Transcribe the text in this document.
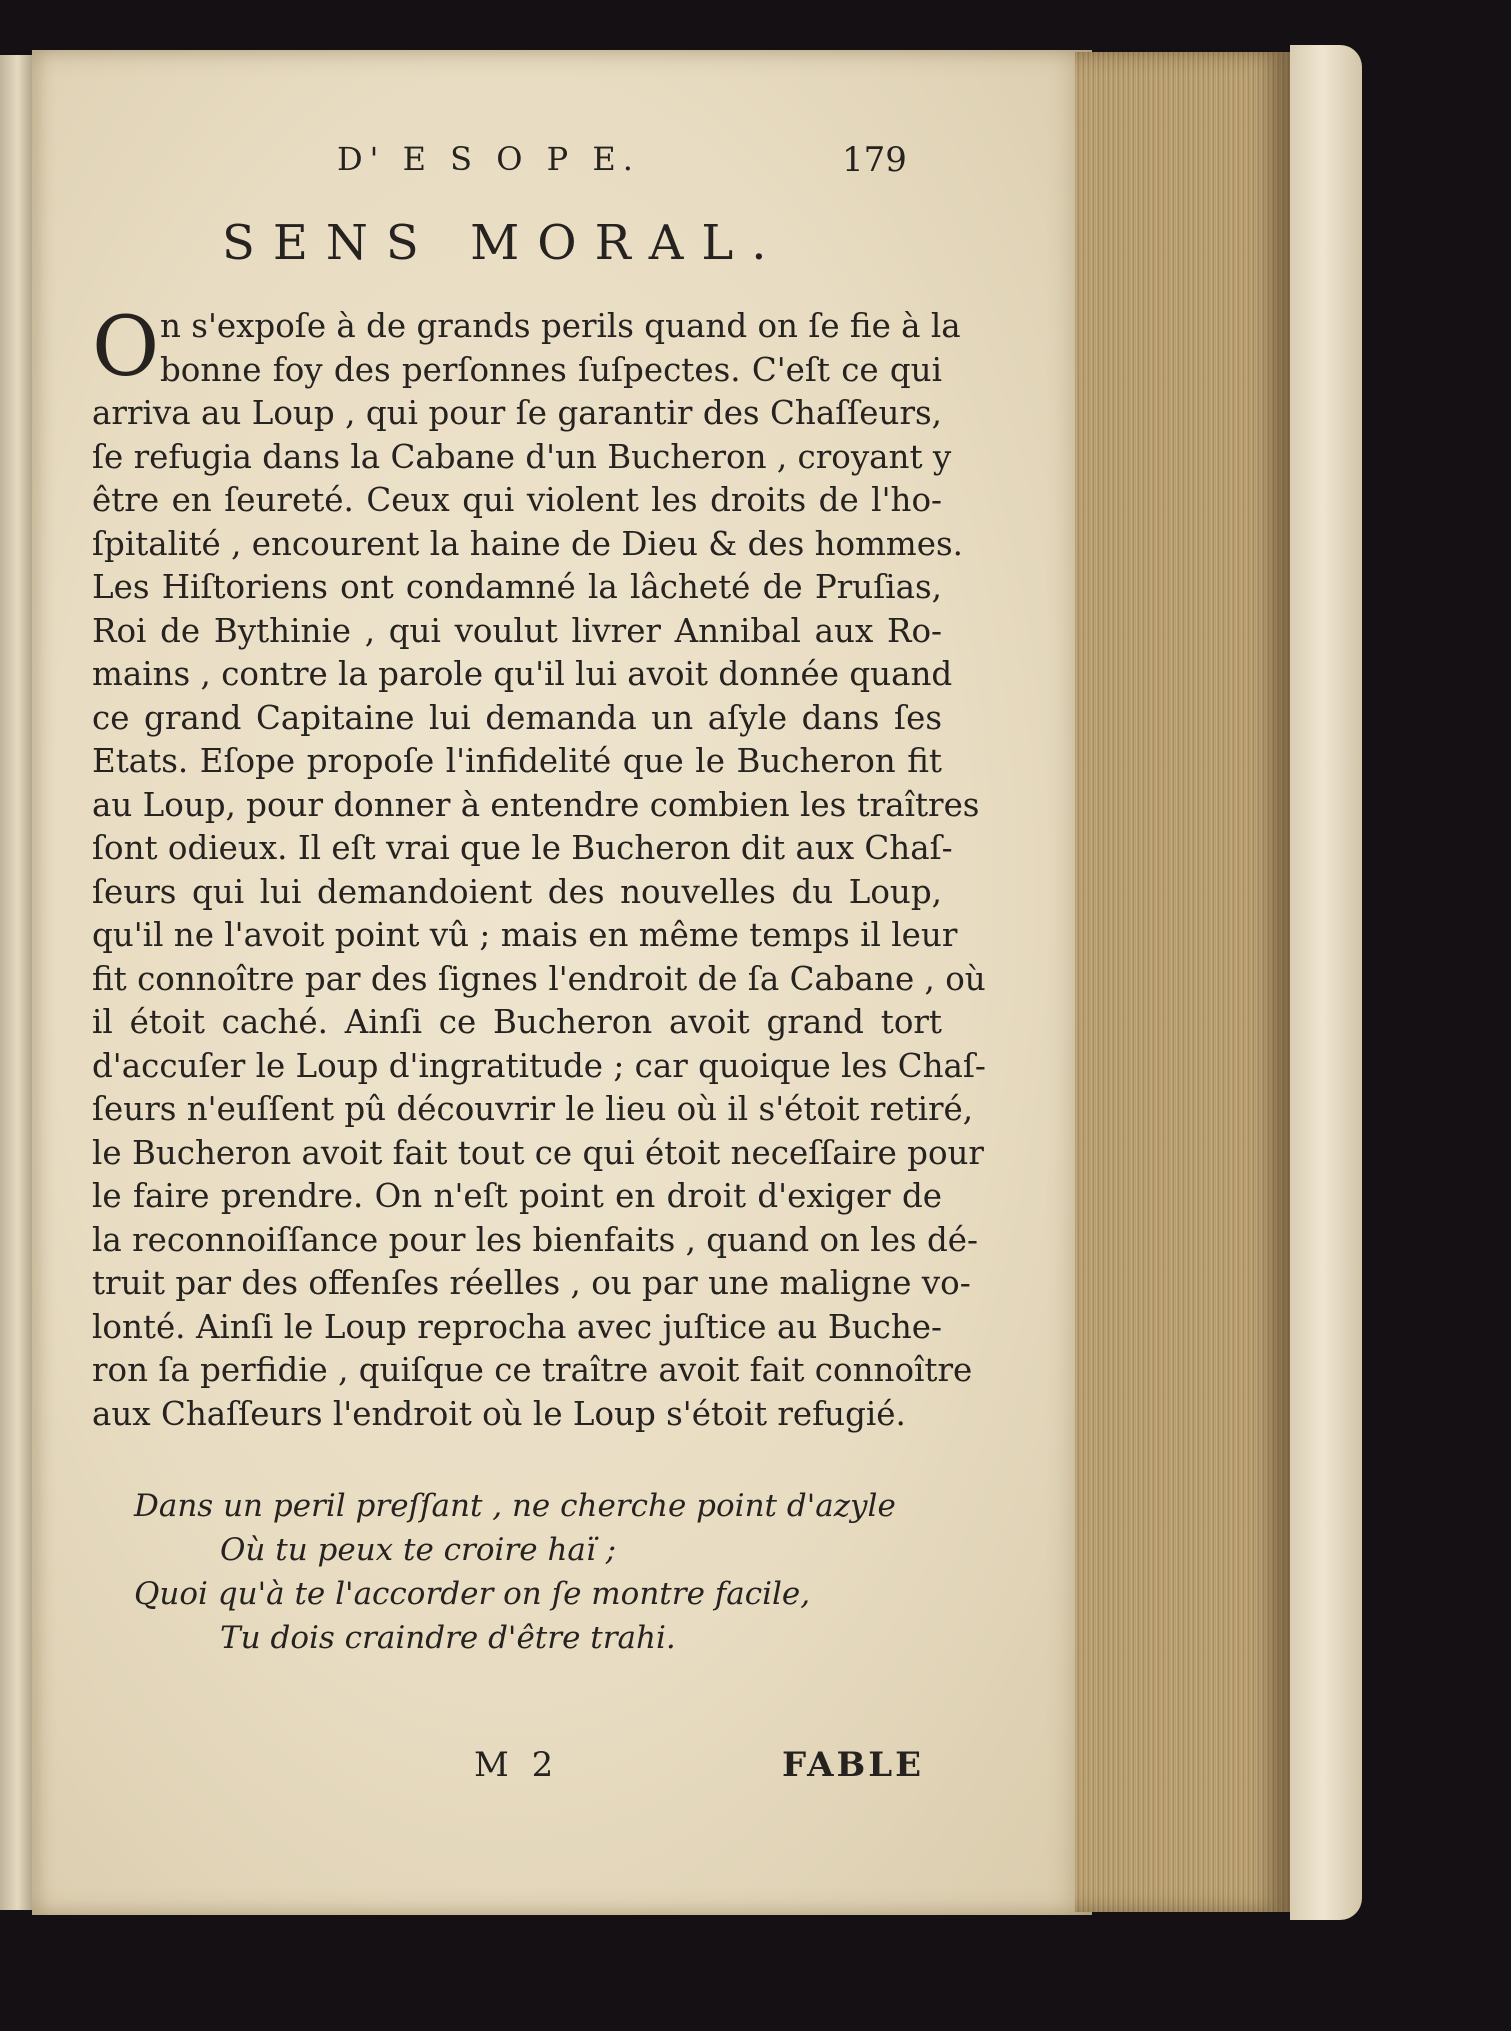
D' E S O P E.	179
SENS MORAL.
O n s'expoſe à de grands perils quand on ſe fie à la
bonne foy des perſonnes ſuſpectes. C'eſt ce qui
arriva au Loup , qui pour ſe garantir des Chaſſeurs,
ſe refugia dans la Cabane d'un Bucheron , croyant y
être en ſeureté. Ceux qui violent les droits de l'ho-
ſpitalité , encourent la haine de Dieu & des hommes.
Les Hiſtoriens ont condamné la lâcheté de Pruſias,
Roi de Bythinie , qui voulut livrer Annibal aux Ro-
mains , contre la parole qu'il lui avoit donnée quand
ce grand Capitaine lui demanda un aſyle dans ſes
Etats. Eſope propoſe l'infidelité que le Bucheron fit
au Loup, pour donner à entendre combien les traîtres
ſont odieux. Il eſt vrai que le Bucheron dit aux Chaſ-
ſeurs qui lui demandoient des nouvelles du Loup,
qu'il ne l'avoit point vû ; mais en même temps il leur
fit connoître par des ſignes l'endroit de ſa Cabane , où
il étoit caché. Ainſi ce Bucheron avoit grand tort
d'accuſer le Loup d'ingratitude ; car quoique les Chaſ-
ſeurs n'euſſent pû découvrir le lieu où il s'étoit retiré,
le Bucheron avoit fait tout ce qui étoit neceſſaire pour
le faire prendre. On n'eſt point en droit d'exiger de
la reconnoiſſance pour les bienfaits , quand on les dé-
truit par des offenſes réelles , ou par une maligne vo-
lonté. Ainſi le Loup reprocha avec juſtice au Buche-
ron ſa perfidie , quiſque ce traître avoit fait connoître
aux Chaſſeurs l'endroit où le Loup s'étoit refugié.
Dans un peril preſſant , ne cherche point d'azyle
Où tu peux te croire haï ;
Quoi qu'à te l'accorder on ſe montre facile,
Tu dois craindre d'être trahi.
M 2	FABLE
